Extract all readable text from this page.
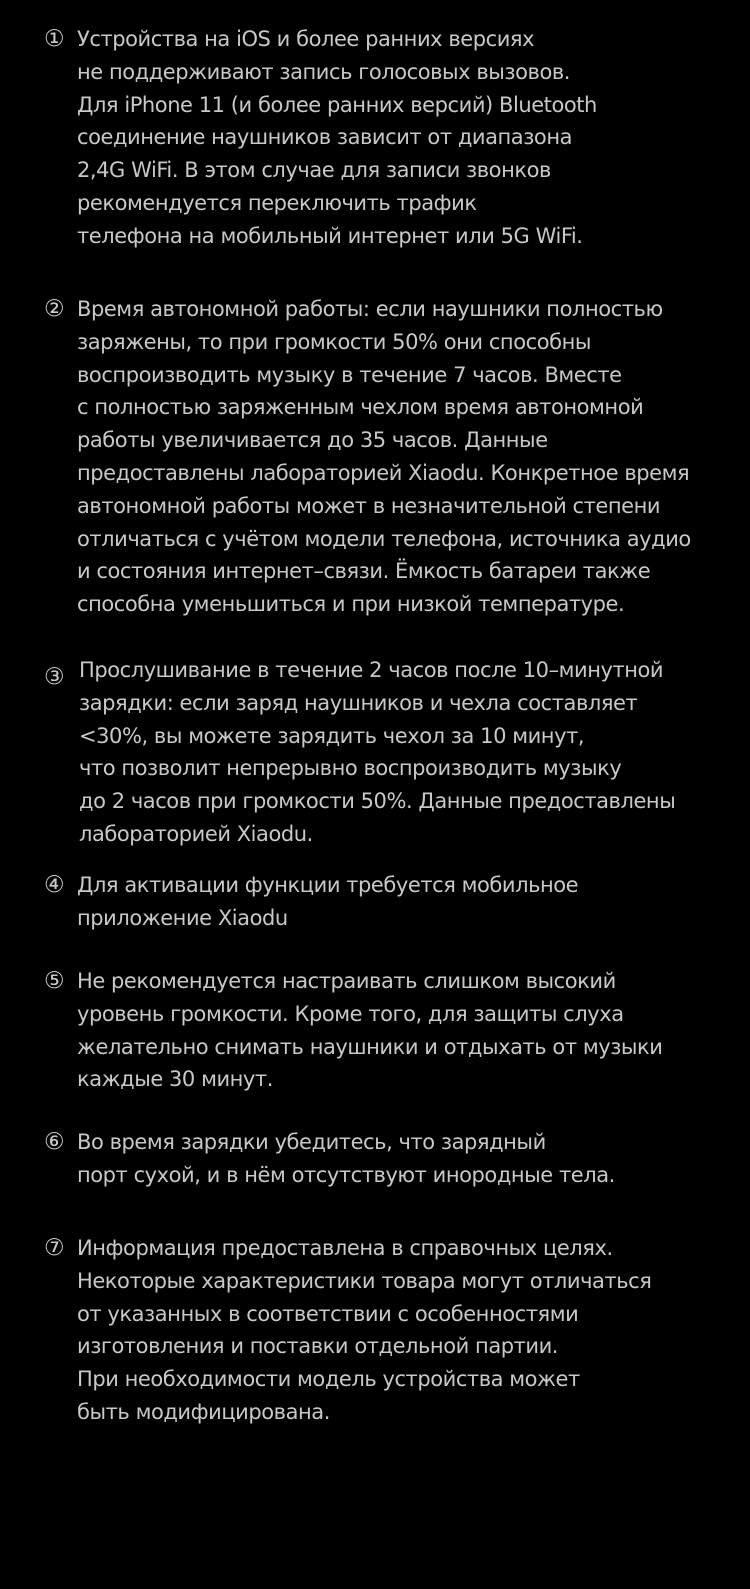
① Устройства на iOS и более ранних версиях
не поддерживают запись голосовых вызовов.
Для iPhone 11 (и более ранних версий) Bluetooth
соединение наушников зависит от диапазона
2,4G WiFi. В этом случае для записи звонков
рекомендуется переключить трафик
телефона на мобильный интернет или 5G WiFi.
② Время автономной работы: если наушники полностью
заряжены, то при громкости 50% они способны
воспроизводить музыку в течение 7 часов. Вместе
с полностью заряженным чехлом время автономной
работы увеличивается до 35 часов. Данные
предоставлены лабораторией Xiaodu. Конкретное время
автономной работы может в незначительной степени
отличаться с учётом модели телефона, источника аудио
и состояния интернет–связи. Ёмкость батареи также
способна уменьшиться и при низкой температуре.
③ Прослушивание в течение 2 часов после 10–минутной
зарядки: если заряд наушников и чехла составляет
<30%, вы можете зарядить чехол за 10 минут,
что позволит непрерывно воспроизводить музыку
до 2 часов при громкости 50%. Данные предоставлены
лабораторией Xiaodu.
④ Для активации функции требуется мобильное
приложение Xiaodu
⑤ Не рекомендуется настраивать слишком высокий
уровень громкости. Кроме того, для защиты слуха
желательно снимать наушники и отдыхать от музыки
каждые 30 минут.
⑥ Во время зарядки убедитесь, что зарядный
порт сухой, и в нём отсутствуют инородные тела.
⑦ Информация предоставлена в справочных целях.
Некоторые характеристики товара могут отличаться
от указанных в соответствии с особенностями
изготовления и поставки отдельной партии.
При необходимости модель устройства может
быть модифицирована.
